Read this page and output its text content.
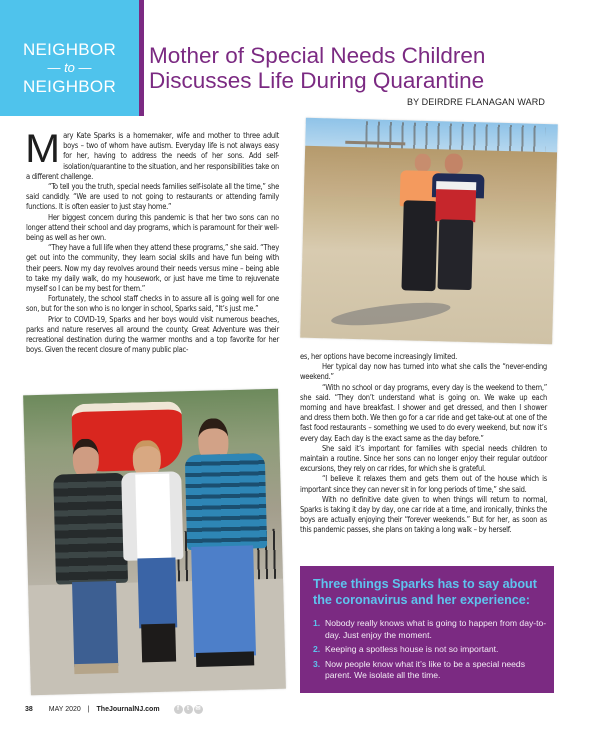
NEIGHBOR
— to —
NEIGHBOR
Mother of Special Needs Children
Discusses Life During Quarantine
BY DEIRDRE FLANAGAN WARD

Mary Kate Sparks is a homemaker, wife and mother to three adult boys – two of whom have autism. Everyday life is not always easy for her, having to address the needs of her sons. Add self-isolation/quarantine to the situation, and her responsibilities take on a different challenge.

“To tell you the truth, special needs families self-isolate all the time,” she said candidly. “We are used to not going to restaurants or attending family functions. It is often easier to just stay home.”

Her biggest concern during this pandemic is that her two sons can no longer attend their school and day programs, which is paramount for their well-being as well as her own.

“They have a full life when they attend these programs,” she said. “They get out into the community, they learn social skills and have fun being with their peers. Now my day revolves around their needs versus mine – being able to take my daily walk, do my housework, or just have me time to rejuvenate myself so I can be my best for them.”

Fortunately, the school staff checks in to assure all is going well for one son, but for the son who is no longer in school, Sparks said, “It’s just me.”

Prior to COVID-19, Sparks and her boys would visit numerous beaches, parks and nature reserves all around the county. Great Adventure was their recreational destination during the warmer months and a top favorite for her boys. Given the recent closure of many public plac-

es, her options have become increasingly limited.

Her typical day now has turned into what she calls the “never-ending weekend.”

“With no school or day programs, every day is the weekend to them,” she said. “They don’t understand what is going on. We wake up each morning and have breakfast. I shower and get dressed, and then I shower and dress them both. We then go for a car ride and get take-out at one of the fast food restaurants – something we used to do every weekend, but now it’s every day. Each day is the exact same as the day before.”

She said it’s important for families with special needs children to maintain a routine. Since her sons can no longer enjoy their regular outdoor excursions, they rely on car rides, for which she is grateful.

“I believe it relaxes them and gets them out of the house which is important since they can never sit in for long periods of time,” she said.

With no definitive date given to when things will return to normal, Sparks is taking it day by day, one car ride at a time, and ironically, thinks the boys are actually enjoying their “forever weekends.” But for her, as soon as this pandemic passes, she plans on taking a long walk – by herself.

Three things Sparks has to say about the coronavirus and her experience:
1. Nobody really knows what is going to happen from day-to-day. Just enjoy the moment.
2. Keeping a spotless house is not so important.
3. Now people know what it’s like to be a special needs parent. We isolate all the time.
38 MAY 2020 | TheJournalNJ.com	f t ✉
